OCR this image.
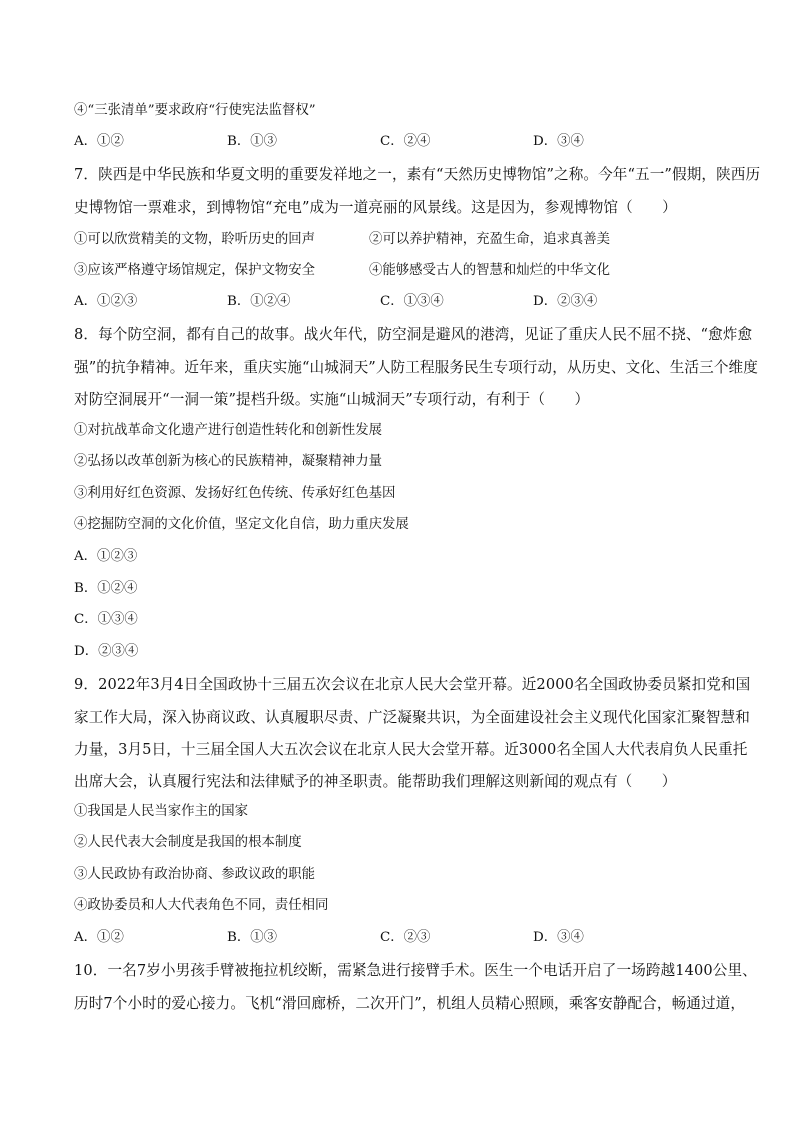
④“三张清单”要求政府“行使宪法监督权”
A．①②	B．①③	C．②④	D．③④
7．陕西是中华民族和华夏文明的重要发祥地之一，素有“天然历史博物馆”之称。今年“五一”假期，陕西历
史博物馆一票难求，到博物馆“充电”成为一道亮丽的风景线。这是因为，参观博物馆（　　）
①可以欣赏精美的文物，聆听历史的回声	②可以养护精神，充盈生命，追求真善美
③应该严格遵守场馆规定，保护文物安全	④能够感受古人的智慧和灿烂的中华文化
A．①②③	B．①②④	C．①③④	D．②③④
8．每个防空洞，都有自己的故事。战火年代，防空洞是避风的港湾，见证了重庆人民不屈不挠、“愈炸愈
强”的抗争精神。近年来，重庆实施“山城洞天”人防工程服务民生专项行动，从历史、文化、生活三个维度
对防空洞展开“一洞一策”提档升级。实施“山城洞天”专项行动，有利于（　　）
①对抗战革命文化遗产进行创造性转化和创新性发展
②弘扬以改革创新为核心的民族精神，凝聚精神力量
③利用好红色资源、发扬好红色传统、传承好红色基因
④挖掘防空洞的文化价值，坚定文化自信，助力重庆发展
A．①②③
B．①②④
C．①③④
D．②③④
9．2022年3月4日全国政协十三届五次会议在北京人民大会堂开幕。近2000名全国政协委员紧扣党和国
家工作大局，深入协商议政、认真履职尽责、广泛凝聚共识，为全面建设社会主义现代化国家汇聚智慧和
力量，3月5日，十三届全国人大五次会议在北京人民大会堂开幕。近3000名全国人大代表肩负人民重托
出席大会，认真履行宪法和法律赋予的神圣职责。能帮助我们理解这则新闻的观点有（　　）
①我国是人民当家作主的国家
②人民代表大会制度是我国的根本制度
③人民政协有政治协商、参政议政的职能
④政协委员和人大代表角色不同，责任相同
A．①②	B．①③	C．②③	D．③④
10．一名7岁小男孩手臂被拖拉机绞断，需紧急进行接臂手术。医生一个电话开启了一场跨越1400公里、
历时7个小时的爱心接力。飞机“滑回廊桥，二次开门”，机组人员精心照顾，乘客安静配合，畅通过道，
